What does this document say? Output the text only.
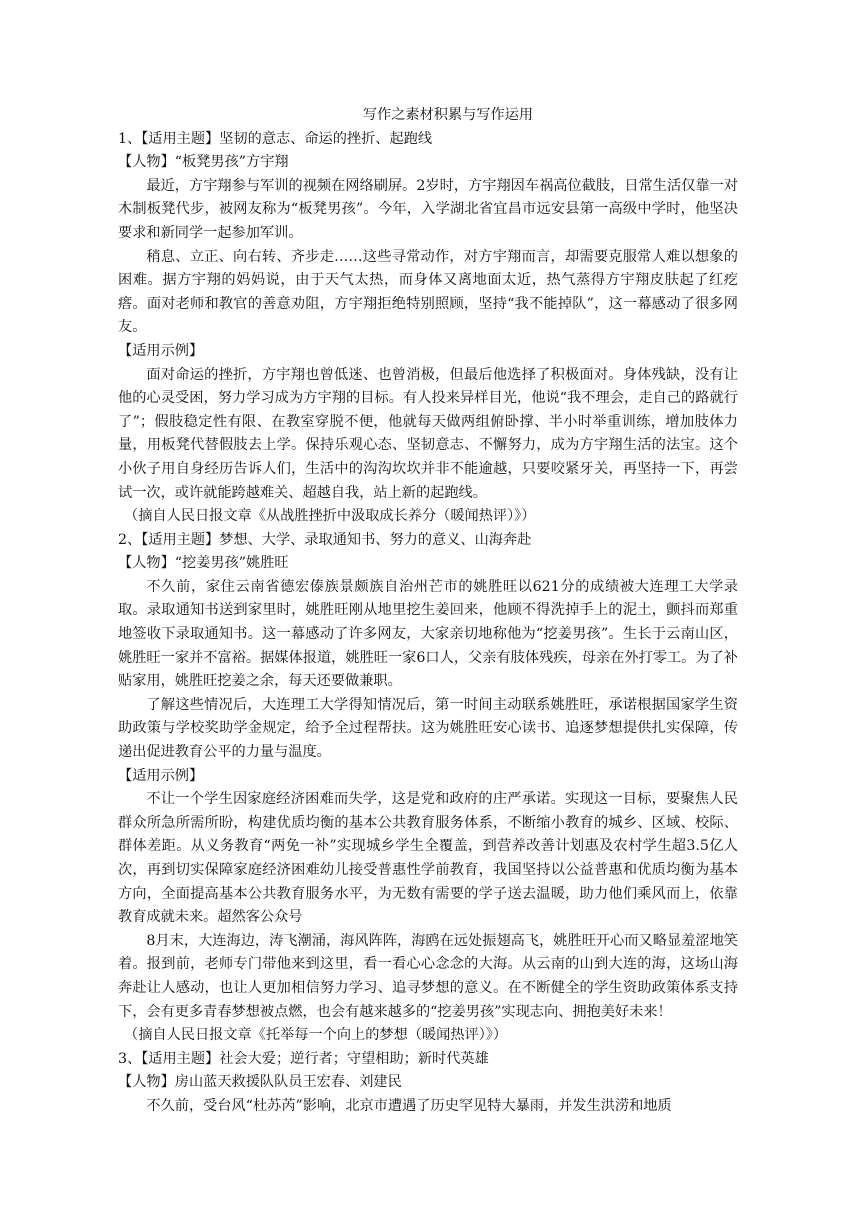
写作之素材积累与写作运用
1、【适用主题】坚韧的意志、命运的挫折、起跑线
【人物】“板凳男孩”方宇翔
最近，方宇翔参与军训的视频在网络刷屏。2岁时，方宇翔因车祸高位截肢，日常生活仅靠一对木制板凳代步，被网友称为“板凳男孩”。今年，入学湖北省宜昌市远安县第一高级中学时，他坚决要求和新同学一起参加军训。
稍息、立正、向右转、齐步走……这些寻常动作，对方宇翔而言，却需要克服常人难以想象的困难。据方宇翔的妈妈说，由于天气太热，而身体又离地面太近，热气蒸得方宇翔皮肤起了红疙瘩。面对老师和教官的善意劝阻，方宇翔拒绝特别照顾，坚持“我不能掉队”，这一幕感动了很多网友。
【适用示例】
面对命运的挫折，方宇翔也曾低迷、也曾消极，但最后他选择了积极面对。身体残缺，没有让他的心灵受困，努力学习成为方宇翔的目标。有人投来异样目光，他说“我不理会，走自己的路就行了”；假肢稳定性有限、在教室穿脱不便，他就每天做两组俯卧撑、半小时举重训练，增加肢体力量，用板凳代替假肢去上学。保持乐观心态、坚韧意志、不懈努力，成为方宇翔生活的法宝。这个小伙子用自身经历告诉人们，生活中的沟沟坎坎并非不能逾越，只要咬紧牙关，再坚持一下，再尝试一次，或许就能跨越难关、超越自我，站上新的起跑线。
（摘自人民日报文章《从战胜挫折中汲取成长养分（暖闻热评）》）
2、【适用主题】梦想、大学、录取通知书、努力的意义、山海奔赴
【人物】“挖姜男孩”姚胜旺
不久前，家住云南省德宏傣族景颇族自治州芒市的姚胜旺以621分的成绩被大连理工大学录取。录取通知书送到家里时，姚胜旺刚从地里挖生姜回来，他顾不得洗掉手上的泥土，颤抖而郑重地签收下录取通知书。这一幕感动了许多网友，大家亲切地称他为“挖姜男孩”。生长于云南山区，姚胜旺一家并不富裕。据媒体报道，姚胜旺一家6口人，父亲有肢体残疾，母亲在外打零工。为了补贴家用，姚胜旺挖姜之余，每天还要做兼职。
了解这些情况后，大连理工大学得知情况后，第一时间主动联系姚胜旺，承诺根据国家学生资助政策与学校奖助学金规定，给予全过程帮扶。这为姚胜旺安心读书、追逐梦想提供扎实保障，传递出促进教育公平的力量与温度。
【适用示例】
不让一个学生因家庭经济困难而失学，这是党和政府的庄严承诺。实现这一目标，要聚焦人民群众所急所需所盼，构建优质均衡的基本公共教育服务体系，不断缩小教育的城乡、区域、校际、群体差距。从义务教育“两免一补”实现城乡学生全覆盖，到营养改善计划惠及农村学生超3.5亿人次，再到切实保障家庭经济困难幼儿接受普惠性学前教育，我国坚持以公益普惠和优质均衡为基本方向，全面提高基本公共教育服务水平，为无数有需要的学子送去温暖，助力他们乘风而上，依靠教育成就未来。超然客公众号
8月末，大连海边，涛飞潮涌，海风阵阵，海鸥在远处振翅高飞，姚胜旺开心而又略显羞涩地笑着。报到前，老师专门带他来到这里，看一看心心念念的大海。从云南的山到大连的海，这场山海奔赴让人感动，也让人更加相信努力学习、追寻梦想的意义。在不断健全的学生资助政策体系支持下，会有更多青春梦想被点燃，也会有越来越多的“挖姜男孩”实现志向、拥抱美好未来！
（摘自人民日报文章《托举每一个向上的梦想（暖闻热评）》）
3、【适用主题】社会大爱；逆行者；守望相助；新时代英雄
【人物】房山蓝天救援队队员王宏春、刘建民
不久前，受台风“杜苏芮”影响，北京市遭遇了历史罕见特大暴雨，并发生洪涝和地质
